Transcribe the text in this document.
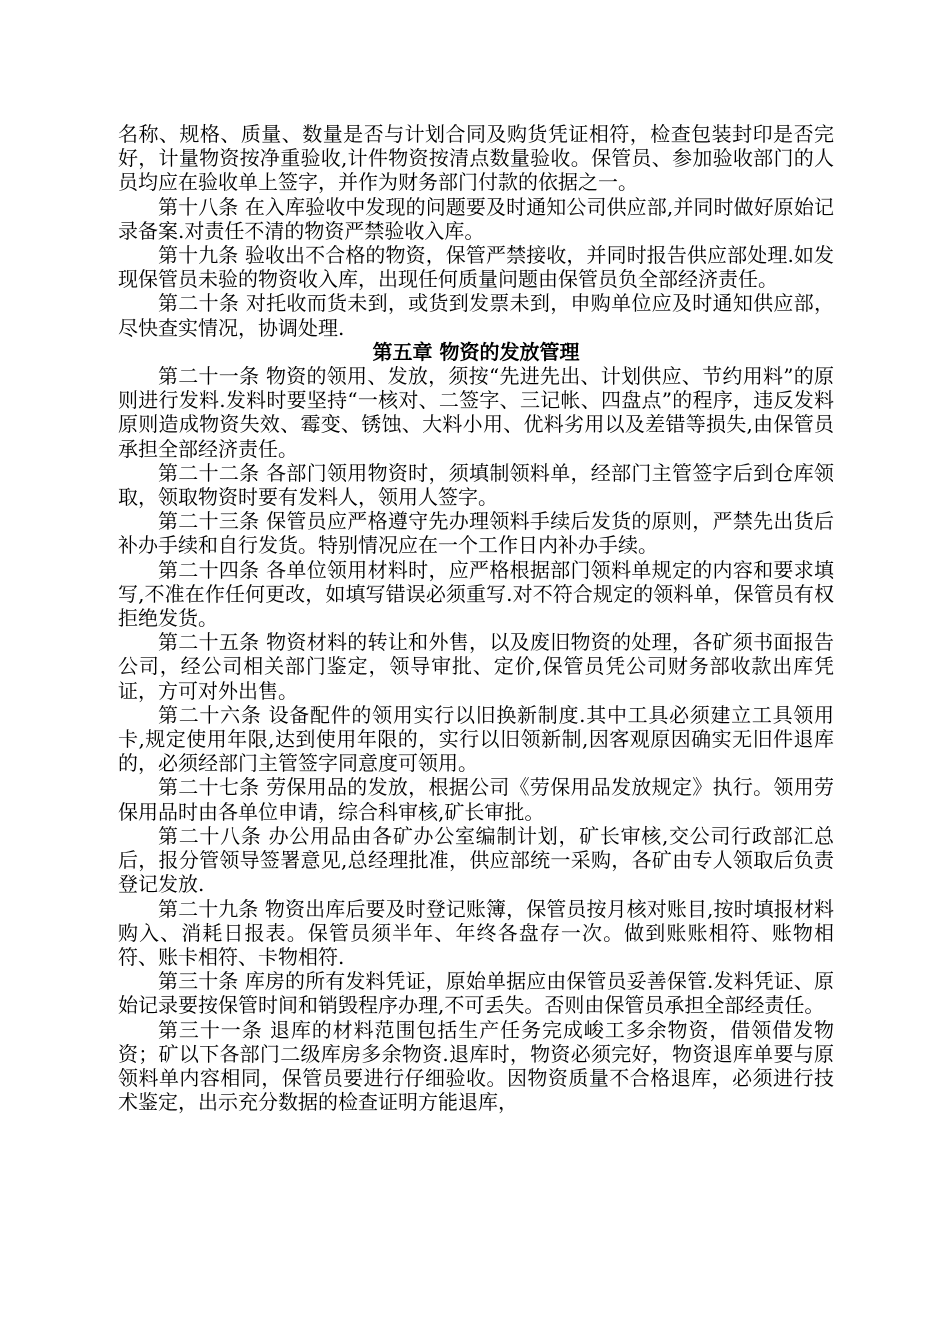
名称、规格、质量、数量是否与计划合同及购货凭证相符，检查包装封印是否完好，计量物资按净重验收,计件物资按清点数量验收。保管员、参加验收部门的人员均应在验收单上签字，并作为财务部门付款的依据之一。

第十八条 在入库验收中发现的问题要及时通知公司供应部,并同时做好原始记录备案.对责任不清的物资严禁验收入库。

第十九条 验收出不合格的物资，保管严禁接收，并同时报告供应部处理.如发现保管员未验的物资收入库，出现任何质量问题由保管员负全部经济责任。

第二十条 对托收而货未到，或货到发票未到，申购单位应及时通知供应部，尽快查实情况，协调处理.

第五章 物资的发放管理

第二十一条 物资的领用、发放，须按“先进先出、计划供应、节约用料”的原则进行发料.发料时要坚持“一核对、二签字、三记帐、四盘点”的程序，违反发料原则造成物资失效、霉变、锈蚀、大料小用、优料劣用以及差错等损失,由保管员承担全部经济责任。

第二十二条 各部门领用物资时，须填制领料单，经部门主管签字后到仓库领取，领取物资时要有发料人，领用人签字。

第二十三条 保管员应严格遵守先办理领料手续后发货的原则，严禁先出货后补办手续和自行发货。特别情况应在一个工作日内补办手续。

第二十四条 各单位领用材料时，应严格根据部门领料单规定的内容和要求填写,不准在作任何更改，如填写错误必须重写.对不符合规定的领料单，保管员有权拒绝发货。

第二十五条 物资材料的转让和外售，以及废旧物资的处理，各矿须书面报告公司，经公司相关部门鉴定，领导审批、定价,保管员凭公司财务部收款出库凭证，方可对外出售。

第二十六条 设备配件的领用实行以旧换新制度.其中工具必须建立工具领用卡,规定使用年限,达到使用年限的，实行以旧领新制,因客观原因确实无旧件退库的，必须经部门主管签字同意度可领用。

第二十七条 劳保用品的发放，根据公司《劳保用品发放规定》执行。领用劳保用品时由各单位申请，综合科审核,矿长审批。

第二十八条 办公用品由各矿办公室编制计划，矿长审核,交公司行政部汇总后，报分管领导签署意见,总经理批准，供应部统一采购，各矿由专人领取后负责登记发放.

第二十九条 物资出库后要及时登记账簿，保管员按月核对账目,按时填报材料购入、消耗日报表。保管员须半年、年终各盘存一次。做到账账相符、账物相符、账卡相符、卡物相符.

第三十条 库房的所有发料凭证，原始单据应由保管员妥善保管.发料凭证、原始记录要按保管时间和销毁程序办理,不可丢失。否则由保管员承担全部经责任。

第三十一条 退库的材料范围包括生产任务完成峻工多余物资，借领借发物资；矿以下各部门二级库房多余物资.退库时，物资必须完好，物资退库单要与原领料单内容相同，保管员要进行仔细验收。因物资质量不合格退库，必须进行技术鉴定，出示充分数据的检查证明方能退库，
